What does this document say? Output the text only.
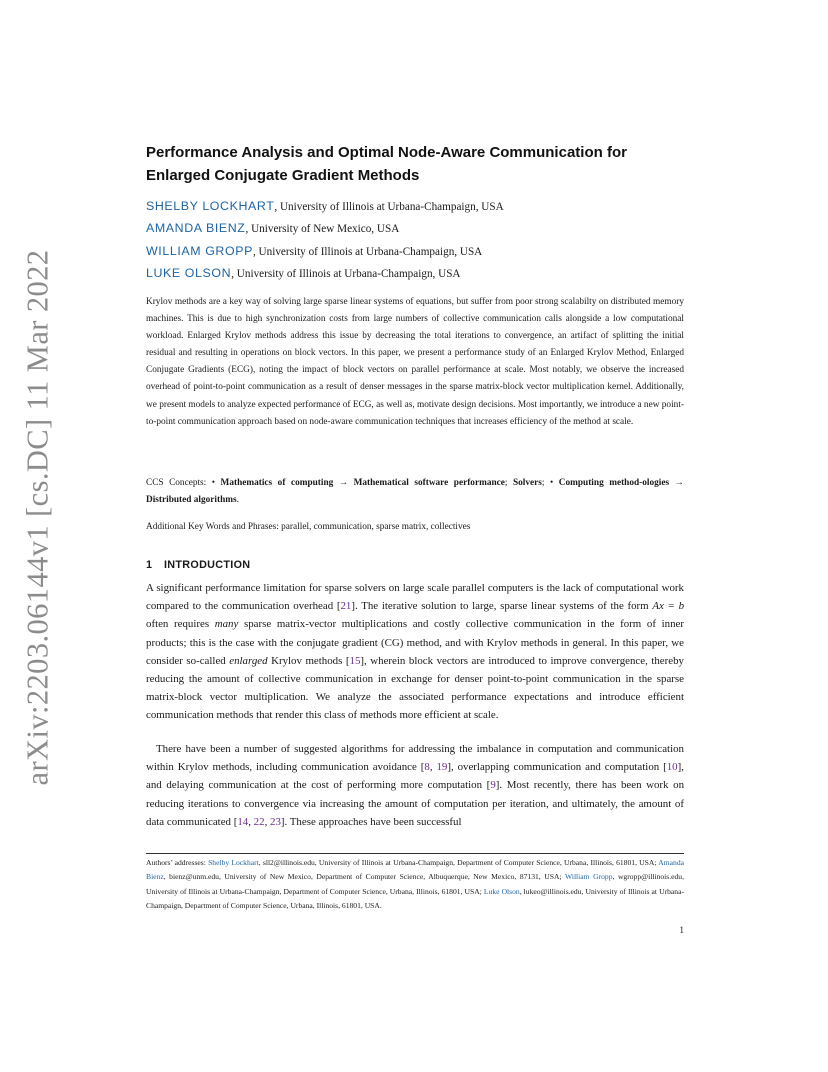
arXiv:2203.06144v1 [cs.DC] 11 Mar 2022
Performance Analysis and Optimal Node-Aware Communication for
Enlarged Conjugate Gradient Methods
SHELBY LOCKHART, University of Illinois at Urbana-Champaign, USA
AMANDA BIENZ, University of New Mexico, USA
WILLIAM GROPP, University of Illinois at Urbana-Champaign, USA
LUKE OLSON, University of Illinois at Urbana-Champaign, USA

Krylov methods are a key way of solving large sparse linear systems of equations, but suffer from poor strong scalabilty on distributed memory machines. This is due to high synchronization costs from large numbers of collective communication calls alongside a low computational workload. Enlarged Krylov methods address this issue by decreasing the total iterations to convergence, an artifact of splitting the initial residual and resulting in operations on block vectors. In this paper, we present a performance study of an Enlarged Krylov Method, Enlarged Conjugate Gradients (ECG), noting the impact of block vectors on parallel performance at scale. Most notably, we observe the increased overhead of point-to-point communication as a result of denser messages in the sparse matrix-block vector multiplication kernel. Additionally, we present models to analyze expected performance of ECG, as well as, motivate design decisions. Most importantly, we introduce a new point-to-point communication approach based on node-aware communication techniques that increases efficiency of the method at scale.

CCS Concepts: • Mathematics of computing → Mathematical software performance; Solvers; • Computing method-ologies → Distributed algorithms.

Additional Key Words and Phrases: parallel, communication, sparse matrix, collectives

1 INTRODUCTION

A significant performance limitation for sparse solvers on large scale parallel computers is the lack of computational work compared to the communication overhead [21]. The iterative solution to large, sparse linear systems of the form Ax = b often requires many sparse matrix-vector multiplications and costly collective communication in the form of inner products; this is the case with the conjugate gradient (CG) method, and with Krylov methods in general. In this paper, we consider so-called enlarged Krylov methods [15], wherein block vectors are introduced to improve convergence, thereby reducing the amount of collective communication in exchange for denser point-to-point communication in the sparse matrix-block vector multiplication. We analyze the associated performance expectations and introduce efficient communication methods that render this class of methods more efficient at scale.

There have been a number of suggested algorithms for addressing the imbalance in computation and communication within Krylov methods, including communication avoidance [8, 19], overlapping communication and computation [10], and delaying communication at the cost of performing more computation [9]. Most recently, there has been work on reducing iterations to convergence via increasing the amount of computation per iteration, and ultimately, the amount of data communicated [14, 22, 23]. These approaches have been successful

Authors’ addresses: Shelby Lockhart, sll2@illinois.edu, University of Illinois at Urbana-Champaign, Department of Computer Science, Urbana, Illinois, 61801, USA; Amanda Bienz, bienz@unm.edu, University of New Mexico, Department of Computer Science, Albuquerque, New Mexico, 87131, USA; William Gropp, wgropp@illinois.edu, University of Illinois at Urbana-Champaign, Department of Computer Science, Urbana, Illinois, 61801, USA; Luke Olson, lukeo@illinois.edu, University of Illinois at Urbana-Champaign, Department of Computer Science, Urbana, Illinois, 61801, USA.

1
